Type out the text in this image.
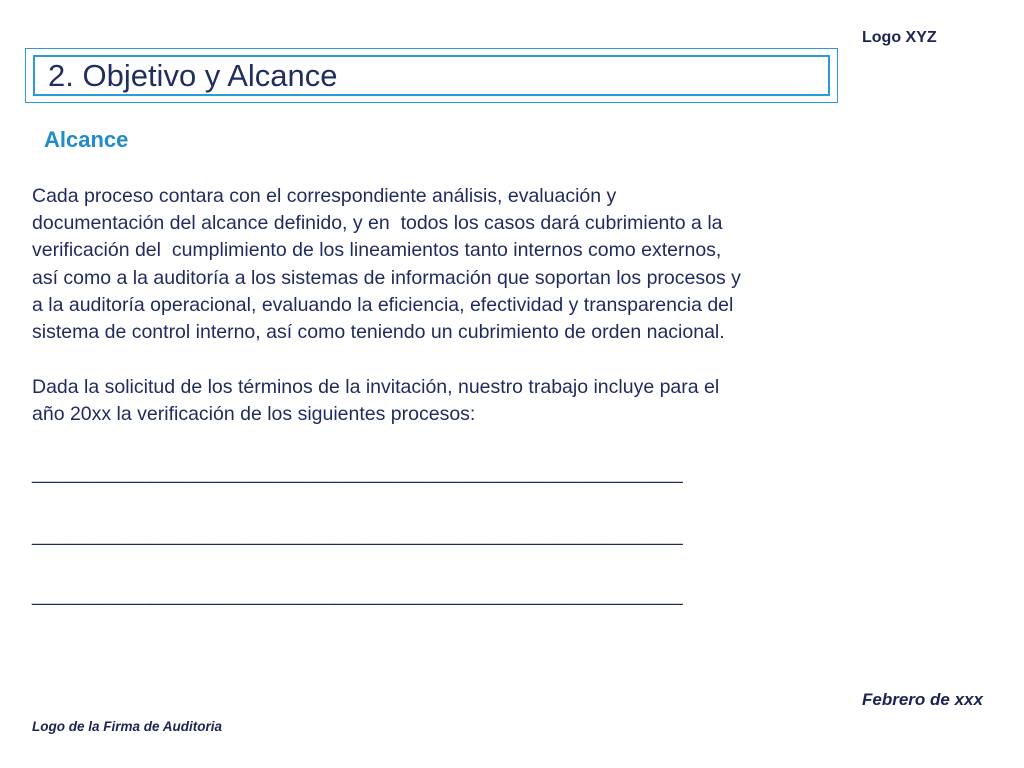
Logo XYZ
2. Objetivo y Alcance
Alcance
Cada proceso contara con el correspondiente análisis, evaluación y
documentación del alcance definido, y en  todos los casos dará cubrimiento a la
verificación del  cumplimiento de los lineamientos tanto internos como externos,
así como a la auditoría a los sistemas de información que soportan los procesos y
a la auditoría operacional, evaluando la eficiencia, efectividad y transparencia del
sistema de control interno, así como teniendo un cubrimiento de orden nacional.
Dada la solicitud de los términos de la invitación, nuestro trabajo incluye para el
año 20xx la verificación de los siguientes procesos:
____________________________________________________________
____________________________________________________________
____________________________________________________________
Febrero de xxx
Logo de la Firma de Auditoria
